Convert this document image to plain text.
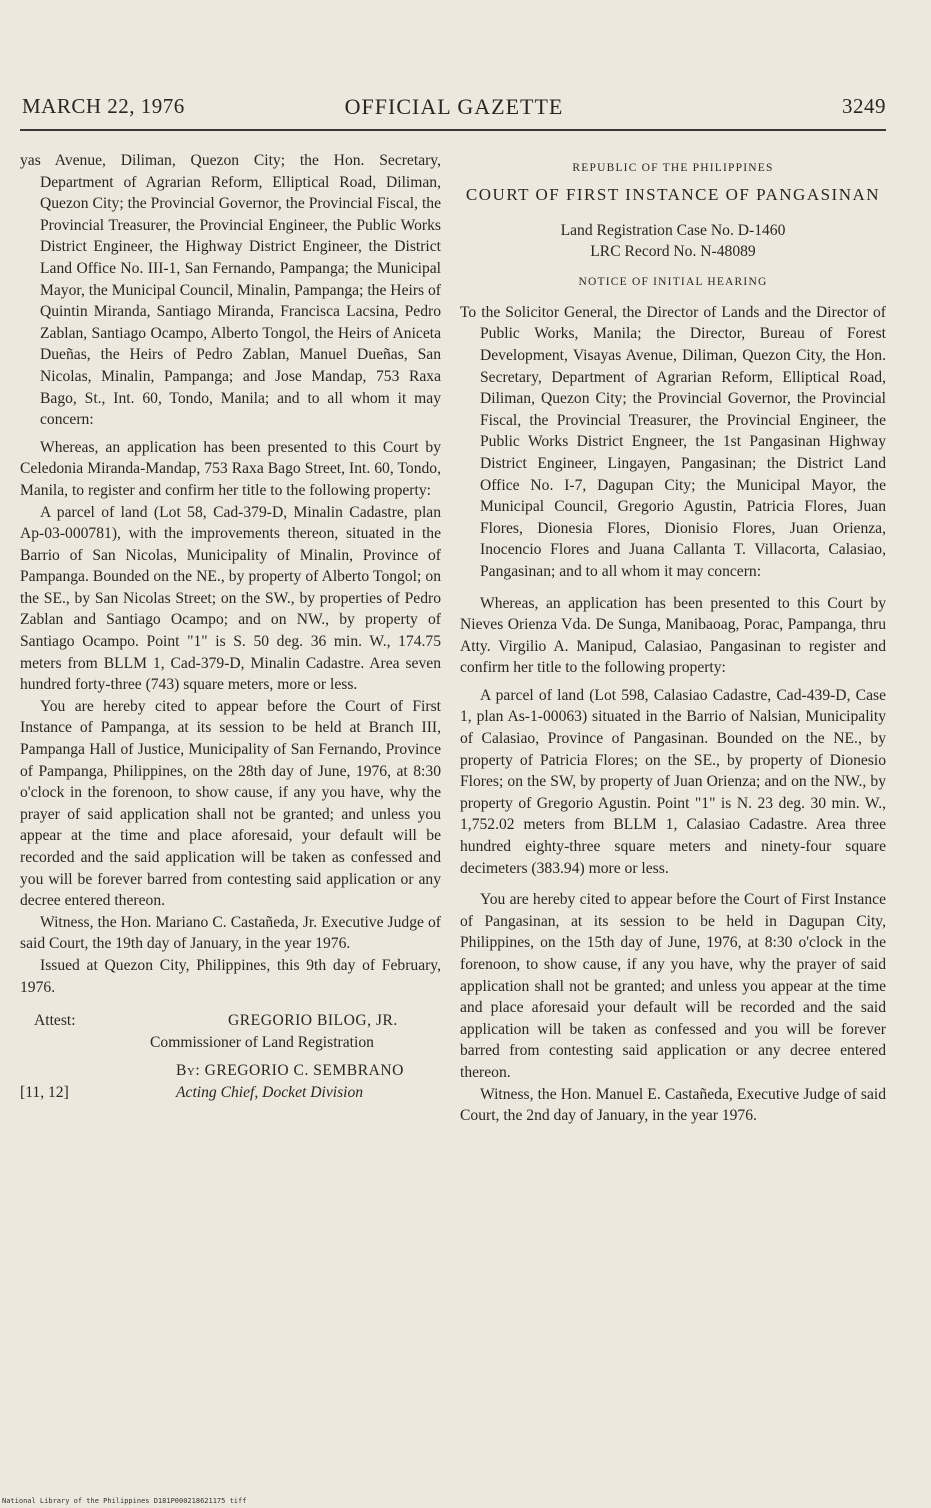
OFFICIAL GAZETTE
MARCH 22, 1976	3249

yas Avenue, Diliman, Quezon City; the Hon. Secretary, Department of Agrarian Reform, Elliptical Road, Diliman, Quezon City; the Provincial Governor, the Provincial Fiscal, the Provincial Treasurer, the Provincial Engineer, the Public Works District Engineer, the Highway District Engineer, the District Land Office No. III-1, San Fernando, Pampanga; the Municipal Mayor, the Municipal Council, Minalin, Pampanga; the Heirs of Quintin Miranda, Santiago Miranda, Francisca Lacsina, Pedro Zablan, Santiago Ocampo, Alberto Tongol, the Heirs of Aniceta Dueñas, the Heirs of Pedro Zablan, Manuel Dueñas, San Nicolas, Minalin, Pampanga; and Jose Mandap, 753 Raxa Bago, St., Int. 60, Tondo, Manila; and to all whom it may concern:

Whereas, an application has been presented to this Court by Celedonia Miranda-Mandap, 753 Raxa Bago Street, Int. 60, Tondo, Manila, to register and confirm her title to the following property:

A parcel of land (Lot 58, Cad-379-D, Minalin Cadastre, plan Ap-03-000781), with the improvements thereon, situated in the Barrio of San Nicolas, Municipality of Minalin, Province of Pampanga. Bounded on the NE., by property of Alberto Tongol; on the SE., by San Nicolas Street; on the SW., by properties of Pedro Zablan and Santiago Ocampo; and on NW., by property of Santiago Ocampo. Point "1" is S. 50 deg. 36 min. W., 174.75 meters from BLLM 1, Cad-379-D, Minalin Cadastre. Area seven hundred forty-three (743) square meters, more or less.

You are hereby cited to appear before the Court of First Instance of Pampanga, at its session to be held at Branch III, Pampanga Hall of Justice, Municipality of San Fernando, Province of Pampanga, Philippines, on the 28th day of June, 1976, at 8:30 o'clock in the forenoon, to show cause, if any you have, why the prayer of said application shall not be granted; and unless you appear at the time and place aforesaid, your default will be recorded and the said application will be taken as confessed and you will be forever barred from contesting said application or any decree entered thereon.

Witness, the Hon. Mariano C. Castañeda, Jr. Executive Judge of said Court, the 19th day of January, in the year 1976.

Issued at Quezon City, Philippines, this 9th day of February, 1976.

Attest:	GREGORIO BILOG, JR.
Commissioner of Land Registration
By: GREGORIO C. SEMBRANO
[11, 12]	Acting Chief, Docket Division

REPUBLIC OF THE PHILIPPINES

COURT OF FIRST INSTANCE OF PANGASINAN

Land Registration Case No. D-1460

LRC Record No. N-48089

NOTICE OF INITIAL HEARING

To the Solicitor General, the Director of Lands and the Director of Public Works, Manila; the Director, Bureau of Forest Development, Visayas Avenue, Diliman, Quezon City, the Hon. Secretary, Department of Agrarian Reform, Elliptical Road, Diliman, Quezon City; the Provincial Governor, the Provincial Fiscal, the Provincial Treasurer, the Provincial Engineer, the Public Works District Engneer, the 1st Pangasinan Highway District Engineer, Lingayen, Pangasinan; the District Land Office No. I-7, Dagupan City; the Municipal Mayor, the Municipal Council, Gregorio Agustin, Patricia Flores, Juan Flores, Dionesia Flores, Dionisio Flores, Juan Orienza, Inocencio Flores and Juana Callanta T. Villacorta, Calasiao, Pangasinan; and to all whom it may concern:

Whereas, an application has been presented to this Court by Nieves Orienza Vda. De Sunga, Manibaoag, Porac, Pampanga, thru Atty. Virgilio A. Manipud, Calasiao, Pangasinan to register and confirm her title to the following property:

A parcel of land (Lot 598, Calasiao Cadastre, Cad-439-D, Case 1, plan As-1-00063) situated in the Barrio of Nalsian, Municipality of Calasiao, Province of Pangasinan. Bounded on the NE., by property of Patricia Flores; on the SE., by property of Dionesio Flores; on the SW, by property of Juan Orienza; and on the NW., by property of Gregorio Agustin. Point "1" is N. 23 deg. 30 min. W., 1,752.02 meters from BLLM 1, Calasiao Cadastre. Area three hundred eighty-three square meters and ninety-four square decimeters (383.94) more or less.

You are hereby cited to appear before the Court of First Instance of Pangasinan, at its session to be held in Dagupan City, Philippines, on the 15th day of June, 1976, at 8:30 o'clock in the forenoon, to show cause, if any you have, why the prayer of said application shall not be granted; and unless you appear at the time and place aforesaid your default will be recorded and the said application will be taken as confessed and you will be forever barred from contesting said application or any decree entered thereon.

Witness, the Hon. Manuel E. Castañeda, Executive Judge of said Court, the 2nd day of January, in the year 1976.

National Library of the Philippines D181P000218621175 tiff
